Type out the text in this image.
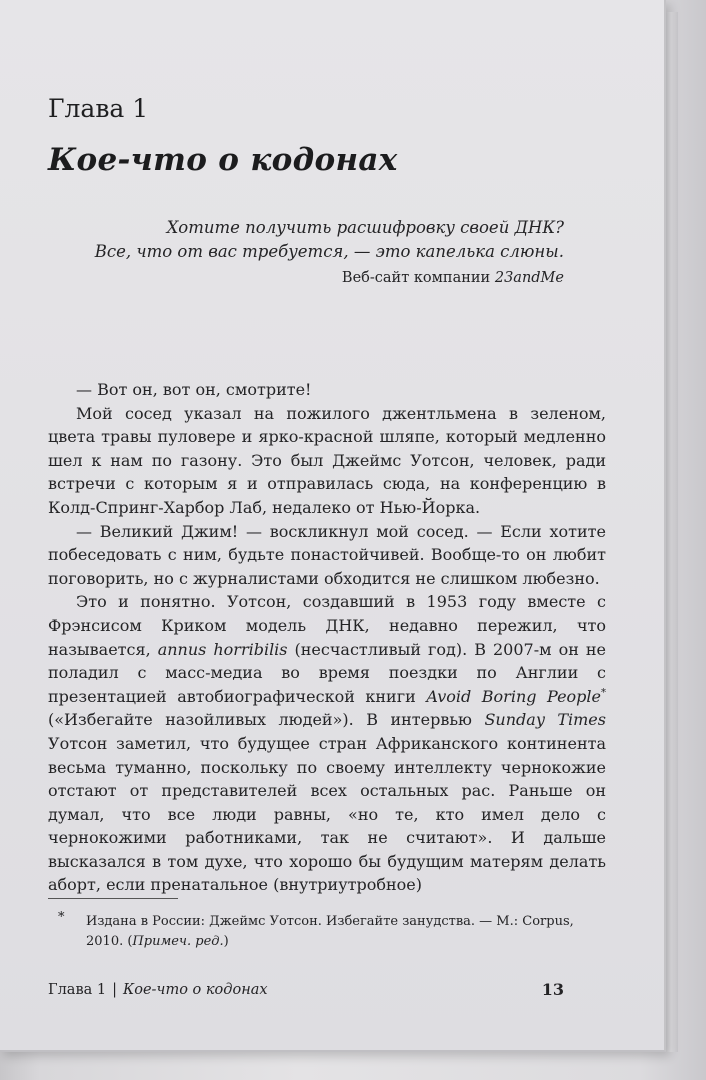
Глава 1
Кое-что о кодонах
Хотите получить расшифровку своей ДНК?
Все, что от вас требуется, — это капелька слюны.
Веб-сайт компании 23andMe

— Вот он, вот он, смотрите!

Мой сосед указал на пожилого джентльмена в зеленом, цвета травы пуловере и ярко-красной шляпе, который медленно шел к нам по газону. Это был Джеймс Уотсон, человек, ради встречи с которым я и отправилась сюда, на конференцию в Колд-Спринг-Харбор Лаб, недалеко от Нью-Йорка.

— Великий Джим! — воскликнул мой сосед. — Если хотите побеседовать с ним, будьте понастойчивей. Вообще-то он любит поговорить, но с журналистами обходится не слишком любезно.

Это и понятно. Уотсон, создавший в 1953 году вместе с Фрэнсисом Криком модель ДНК, недавно пережил, что называется, annus horribilis (несчастливый год). В 2007-м он не поладил с масс-медиа во время поездки по Англии с презентацией автобиографической книги Avoid Boring People* («Избегайте назойливых людей»). В интервью Sunday Times Уотсон заметил, что будущее стран Африканского континента весьма туманно, поскольку по своему интеллекту чернокожие отстают от представителей всех остальных рас. Раньше он думал, что все люди равны, «но те, кто имел дело с чернокожими работниками, так не считают». И дальше высказался в том духе, что хорошо бы будущим матерям делать аборт, если пренатальное (внутриутробное)

*	Издана в России: Джеймс Уотсон. Избегайте занудства. — М.: Corpus, 2010. (Примеч. ред.)
Глава 1 | Кое-что о кодонах	13
